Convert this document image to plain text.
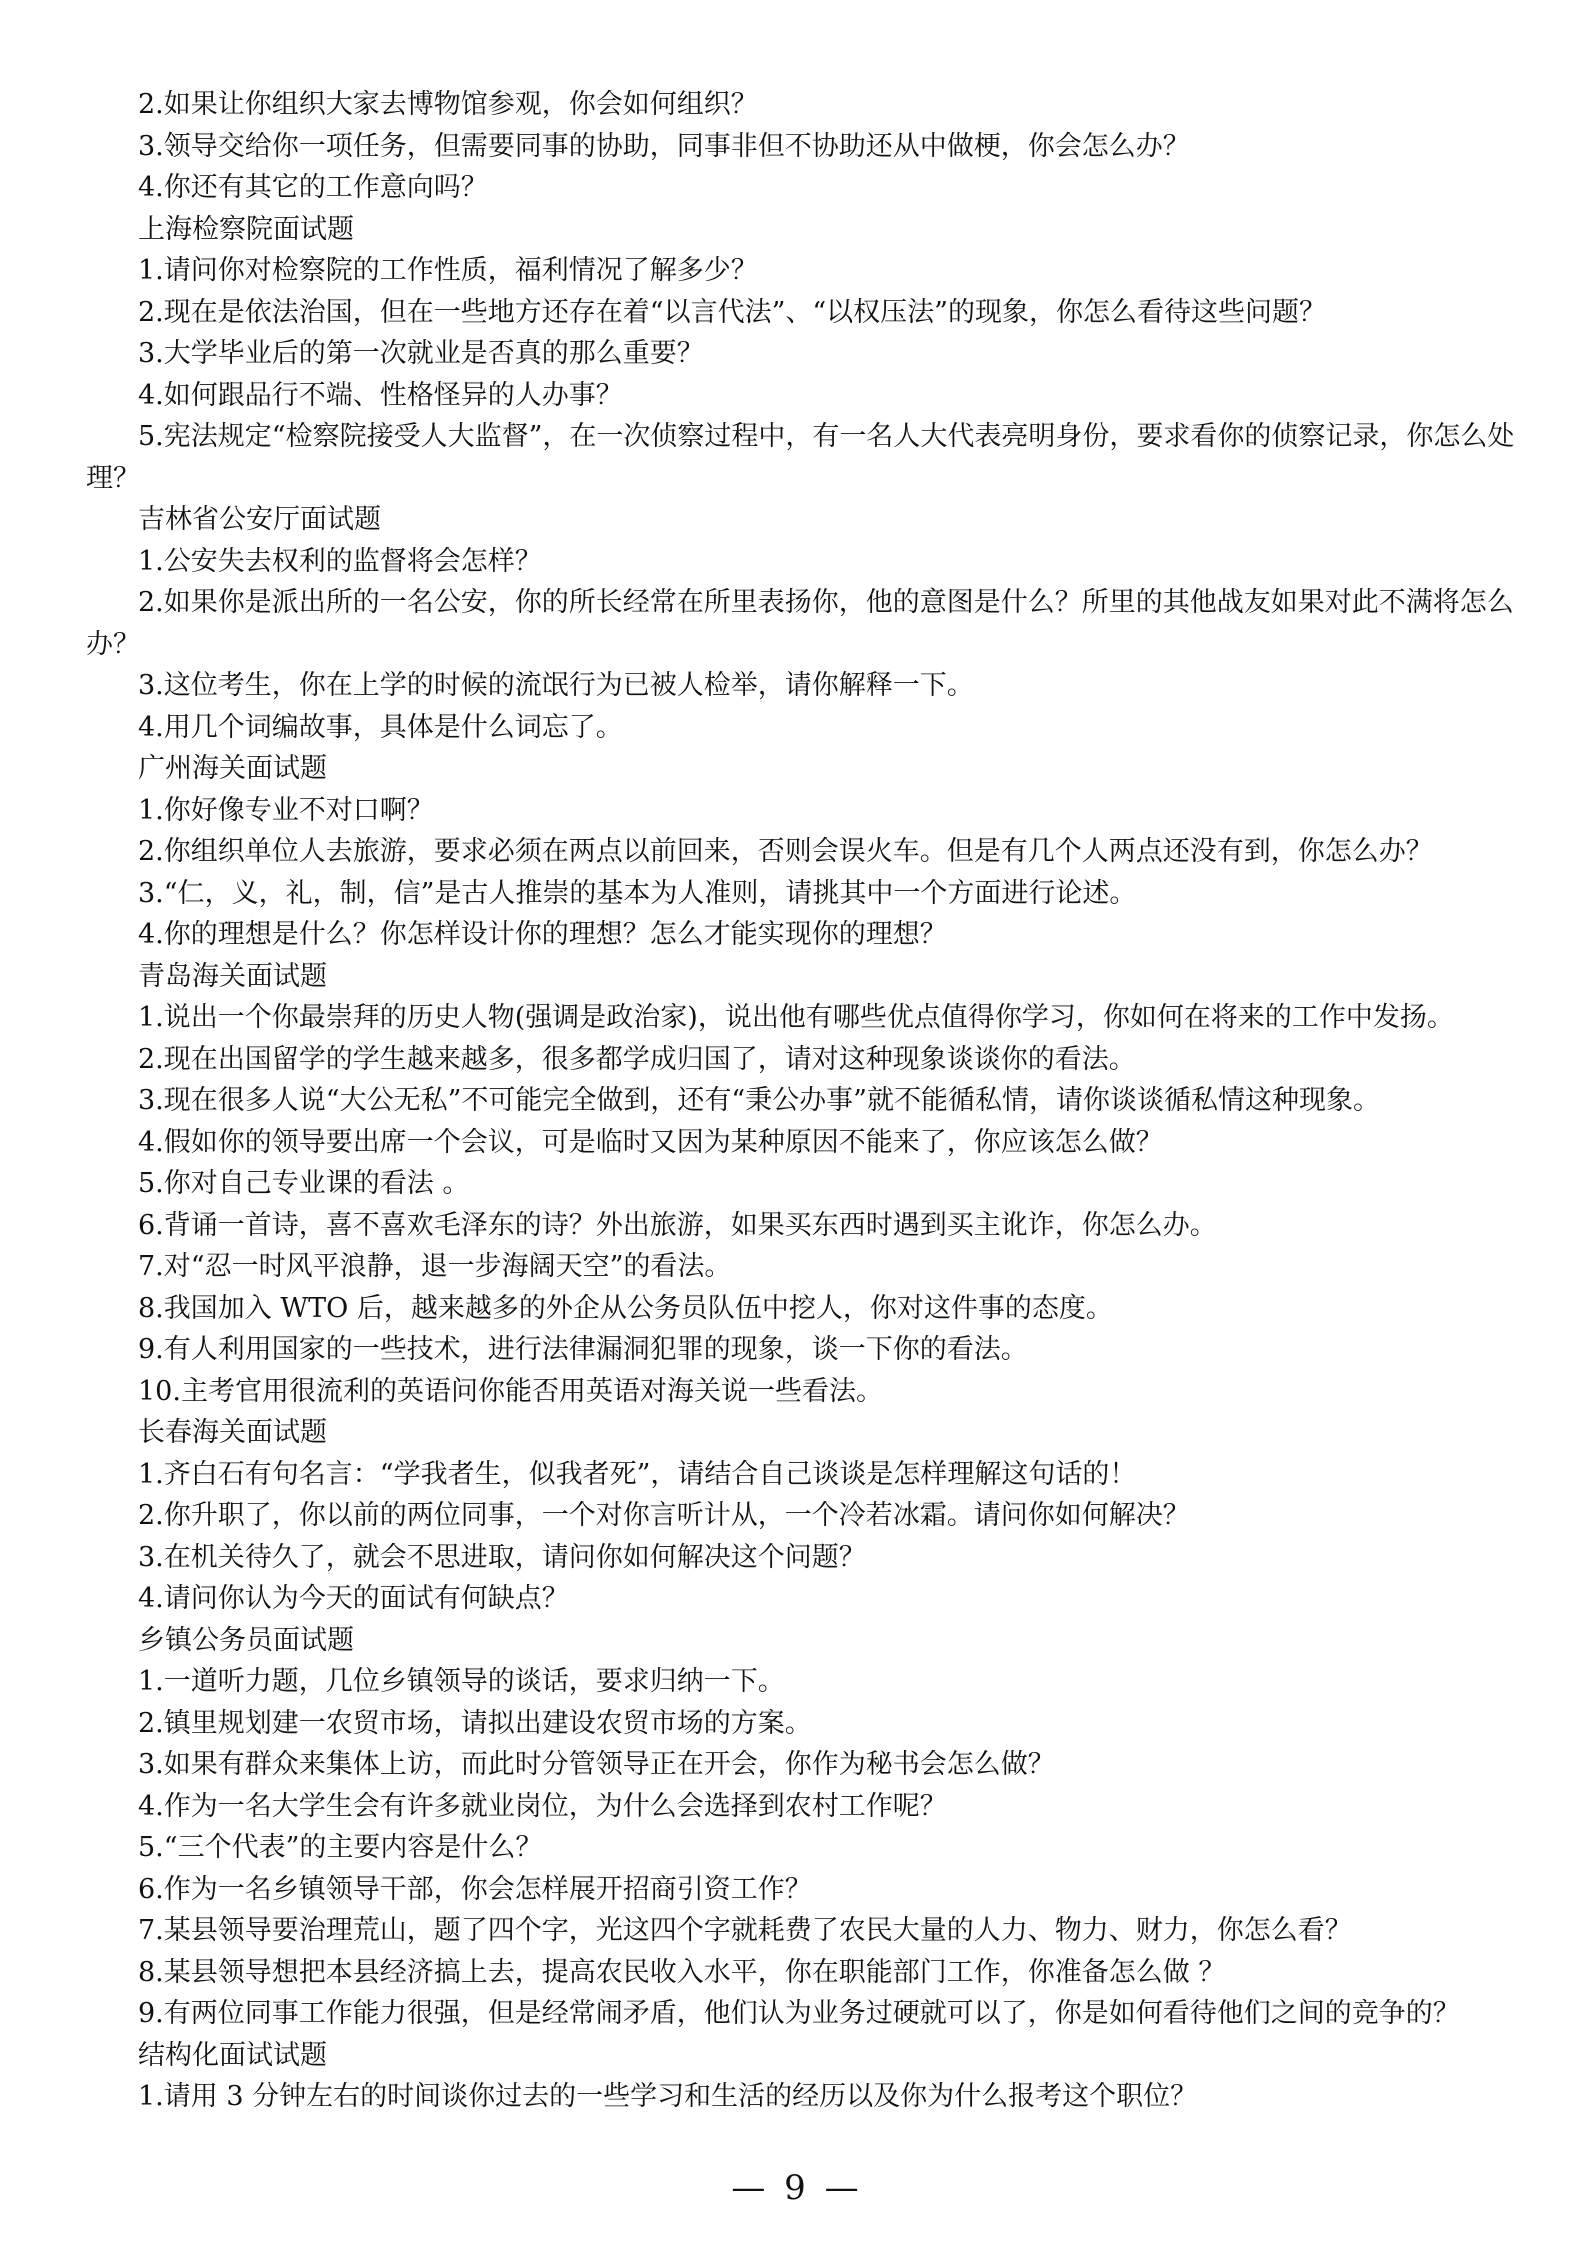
2.如果让你组织大家去博物馆参观，你会如何组织？
3.领导交给你一项任务，但需要同事的协助，同事非但不协助还从中做梗，你会怎么办？
4.你还有其它的工作意向吗？
上海检察院面试题
1.请问你对检察院的工作性质，福利情况了解多少？
2.现在是依法治国，但在一些地方还存在着“以言代法”、“以权压法”的现象，你怎么看待这些问题？
3.大学毕业后的第一次就业是否真的那么重要？
4.如何跟品行不端、性格怪异的人办事？
5.宪法规定“检察院接受人大监督”，在一次侦察过程中，有一名人大代表亮明身份，要求看你的侦察记录，你怎么处理？
吉林省公安厅面试题
1.公安失去权利的监督将会怎样？
2.如果你是派出所的一名公安，你的所长经常在所里表扬你，他的意图是什么？所里的其他战友如果对此不满将怎么办？
3.这位考生，你在上学的时候的流氓行为已被人检举，请你解释一下。
4.用几个词编故事，具体是什么词忘了。
广州海关面试题
1.你好像专业不对口啊？
2.你组织单位人去旅游，要求必须在两点以前回来，否则会误火车。但是有几个人两点还没有到，你怎么办？
3.“仁，义，礼，制，信”是古人推崇的基本为人准则，请挑其中一个方面进行论述。
4.你的理想是什么？你怎样设计你的理想？怎么才能实现你的理想？
青岛海关面试题
1.说出一个你最崇拜的历史人物(强调是政治家)，说出他有哪些优点值得你学习，你如何在将来的工作中发扬。
2.现在出国留学的学生越来越多，很多都学成归国了，请对这种现象谈谈你的看法。
3.现在很多人说“大公无私”不可能完全做到，还有“秉公办事”就不能循私情，请你谈谈循私情这种现象。
4.假如你的领导要出席一个会议，可是临时又因为某种原因不能来了，你应该怎么做？
5.你对自己专业课的看法 。
6.背诵一首诗，喜不喜欢毛泽东的诗？外出旅游，如果买东西时遇到买主讹诈，你怎么办。
7.对“忍一时风平浪静，退一步海阔天空”的看法。
8.我国加入 WTO 后，越来越多的外企从公务员队伍中挖人，你对这件事的态度。
9.有人利用国家的一些技术，进行法律漏洞犯罪的现象，谈一下你的看法。
10.主考官用很流利的英语问你能否用英语对海关说一些看法。
长春海关面试题
1.齐白石有句名言：“学我者生，似我者死”，请结合自己谈谈是怎样理解这句话的！
2.你升职了，你以前的两位同事，一个对你言听计从，一个冷若冰霜。请问你如何解决？
3.在机关待久了，就会不思进取，请问你如何解决这个问题？
4.请问你认为今天的面试有何缺点？
乡镇公务员面试题
1.一道听力题，几位乡镇领导的谈话，要求归纳一下。
2.镇里规划建一农贸市场，请拟出建设农贸市场的方案。
3.如果有群众来集体上访，而此时分管领导正在开会，你作为秘书会怎么做？
4.作为一名大学生会有许多就业岗位，为什么会选择到农村工作呢？
5.“三个代表”的主要内容是什么？
6.作为一名乡镇领导干部，你会怎样展开招商引资工作？
7.某县领导要治理荒山，题了四个字，光这四个字就耗费了农民大量的人力、物力、财力，你怎么看？
8.某县领导想把本县经济搞上去，提高农民收入水平，你在职能部门工作，你准备怎么做 ？
9.有两位同事工作能力很强，但是经常闹矛盾，他们认为业务过硬就可以了，你是如何看待他们之间的竞争的？
结构化面试试题
1.请用 3 分钟左右的时间谈你过去的一些学习和生活的经历以及你为什么报考这个职位？
— 9 —
